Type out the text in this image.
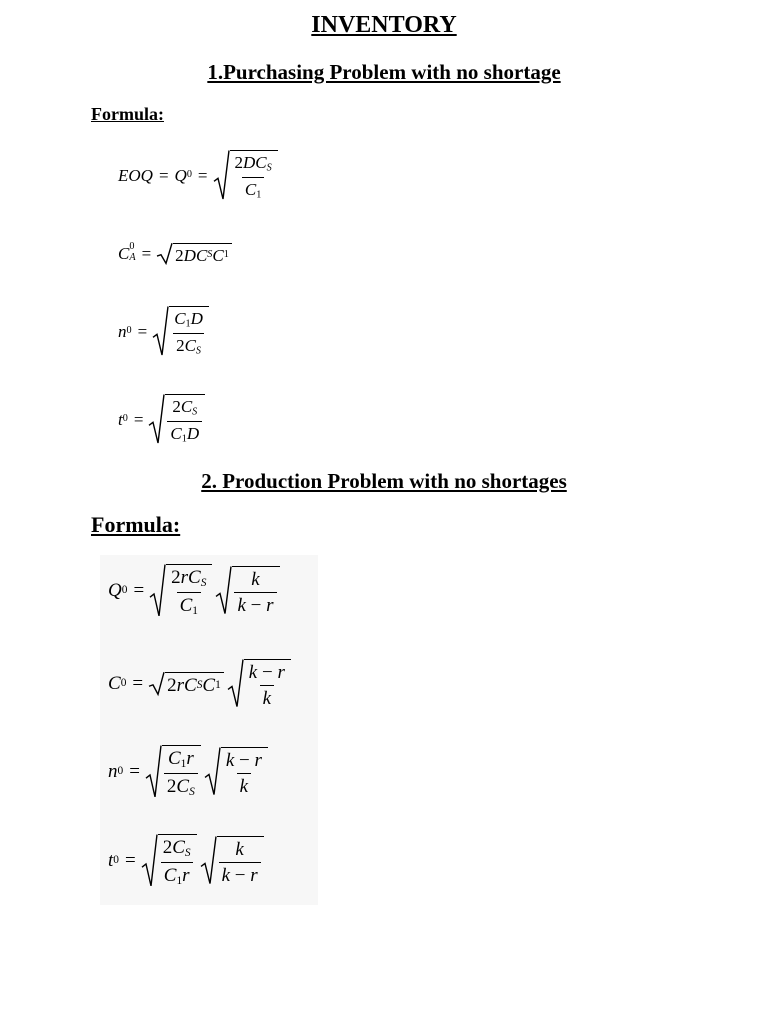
INVENTORY
1.Purchasing Problem with no shortage
Formula:
EOQ = Q $0 = \frac{2DC_S}{C_1}$
C 0
A = 2 DC S C 1
n $0 = \frac{C_1D}{2C_S}$
t $0 = \frac{2C_S}{C_1D}$
2. Production Problem with no shortages
Formula:
Q $0 = \frac{2rC_S}{C_1} \frac{k}{k - r}$
C 0 = 2 rC S C $1 \frac{k - r}{k}$
n $0 = \frac{C_1r}{2C_S} \frac{k - r}{k}$
t $0 = \frac{2C_S}{C_1r} \frac{k}{k - r}$
